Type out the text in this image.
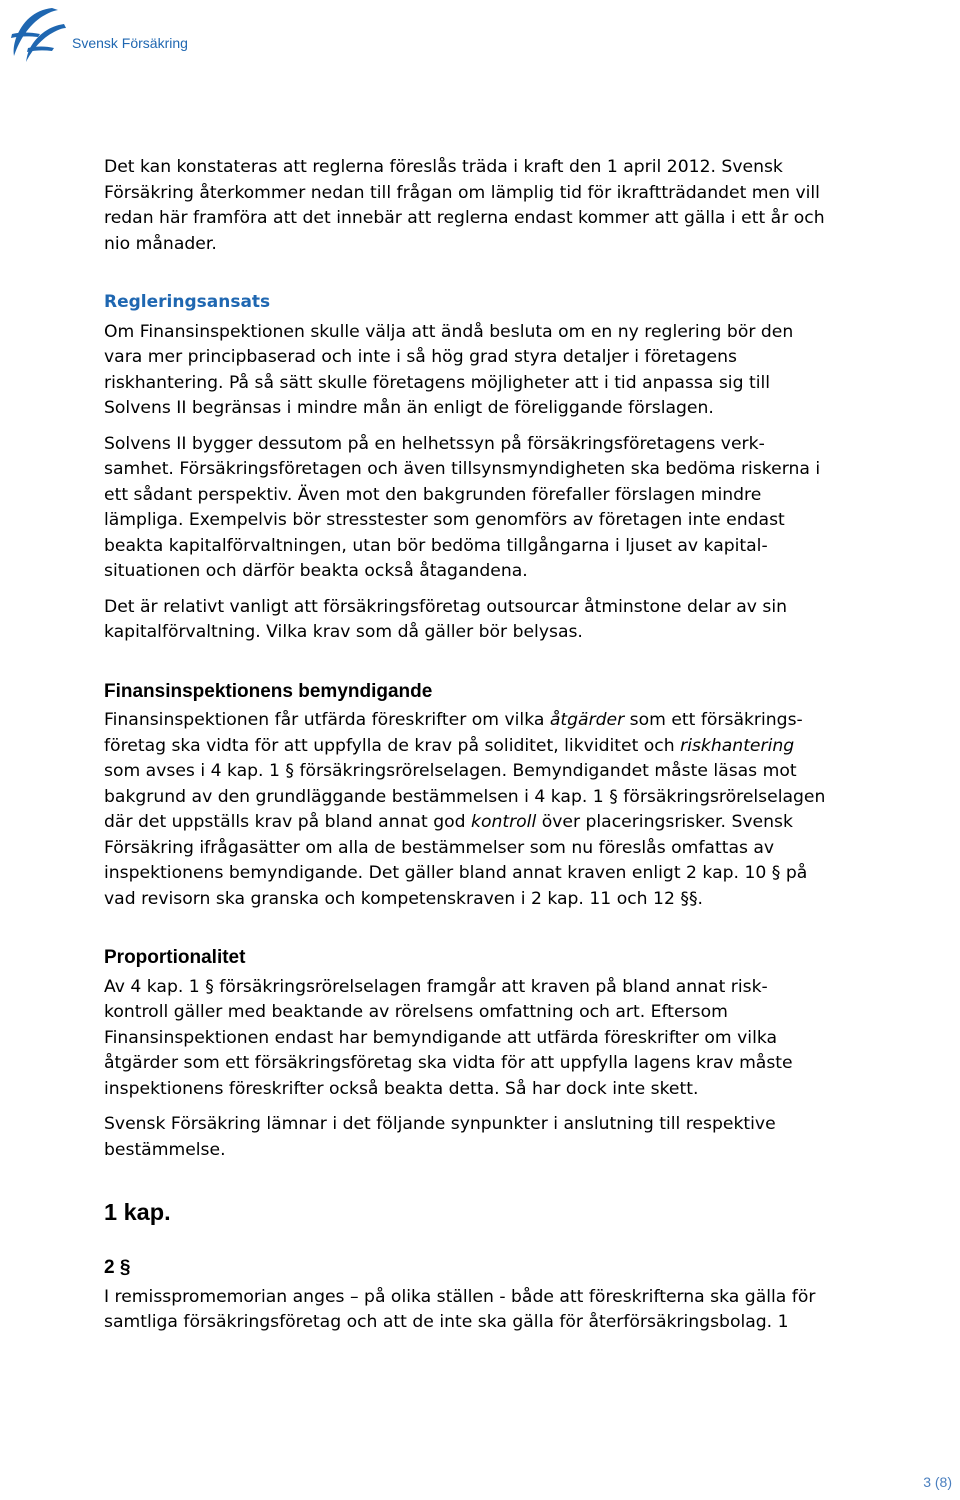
Svensk Försäkring

Det kan konstateras att reglerna föreslås träda i kraft den 1 april 2012. Svensk
Försäkring återkommer nedan till frågan om lämplig tid för ikraftträdandet men vill
redan här framföra att det innebär att reglerna endast kommer att gälla i ett år och
nio månader.

Regleringsansats

Om Finansinspektionen skulle välja att ändå besluta om en ny reglering bör den
vara mer principbaserad och inte i så hög grad styra detaljer i företagens
riskhantering. På så sätt skulle företagens möjligheter att i tid anpassa sig till
Solvens II begränsas i mindre mån än enligt de föreliggande förslagen.

Solvens II bygger dessutom på en helhetssyn på försäkringsföretagens verk-
samhet. Försäkringsföretagen och även tillsynsmyndigheten ska bedöma riskerna i
ett sådant perspektiv. Även mot den bakgrunden förefaller förslagen mindre
lämpliga. Exempelvis bör stresstester som genomförs av företagen inte endast
beakta kapitalförvaltningen, utan bör bedöma tillgångarna i ljuset av kapital-
situationen och därför beakta också åtagandena.

Det är relativt vanligt att försäkringsföretag outsourcar åtminstone delar av sin
kapitalförvaltning. Vilka krav som då gäller bör belysas.

Finansinspektionens bemyndigande

Finansinspektionen får utfärda föreskrifter om vilka åtgärder som ett försäkrings-
företag ska vidta för att uppfylla de krav på soliditet, likviditet och riskhantering
som avses i 4 kap. 1 § försäkringsrörelselagen. Bemyndigandet måste läsas mot
bakgrund av den grundläggande bestämmelsen i 4 kap. 1 § försäkringsrörelselagen
där det uppställs krav på bland annat god kontroll över placeringsrisker. Svensk
Försäkring ifrågasätter om alla de bestämmelser som nu föreslås omfattas av
inspektionens bemyndigande. Det gäller bland annat kraven enligt 2 kap. 10 § på
vad revisorn ska granska och kompetenskraven i 2 kap. 11 och 12 §§.

Proportionalitet

Av 4 kap. 1 § försäkringsrörelselagen framgår att kraven på bland annat risk-
kontroll gäller med beaktande av rörelsens omfattning och art. Eftersom
Finansinspektionen endast har bemyndigande att utfärda föreskrifter om vilka
åtgärder som ett försäkringsföretag ska vidta för att uppfylla lagens krav måste
inspektionens föreskrifter också beakta detta. Så har dock inte skett.

Svensk Försäkring lämnar i det följande synpunkter i anslutning till respektive
bestämmelse.

1 kap.
2 §

I remisspromemorian anges – på olika ställen - både att föreskrifterna ska gälla för
samtliga försäkringsföretag och att de inte ska gälla för återförsäkringsbolag. 1

3 (8)
